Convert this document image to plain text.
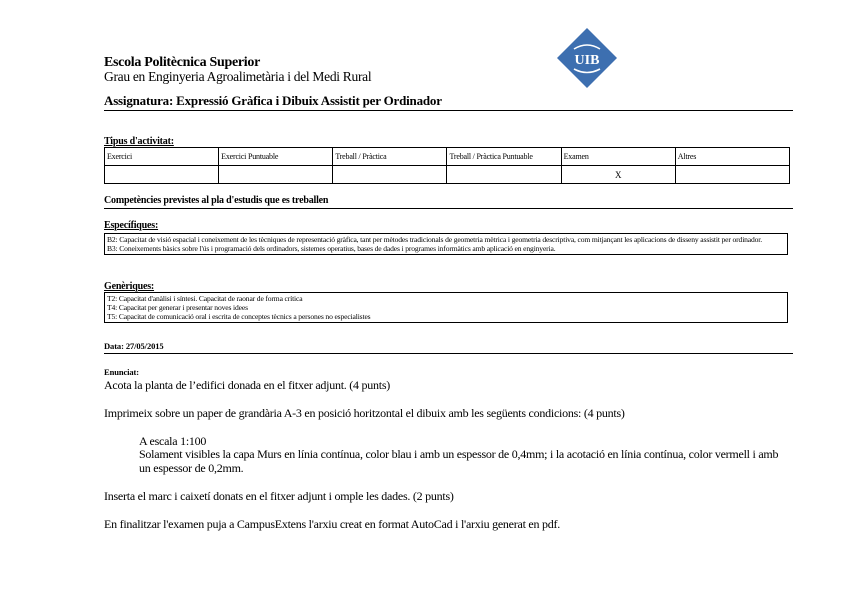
Escola Politècnica Superior
Grau en Enginyeria Agroalimetària i del Medi Rural
UIB
Assignatura: Expressió Gràfica i Dibuix Assistit per Ordinador
Tipus d'activitat:
Exercici	Exercici Puntuable	Treball / Pràctica	Treball / Pràctica Puntuable	Examen	Altres
				X	
Competències previstes al pla d'estudis que es treballen
Específiques:
B2: Capacitat de visió espacial i coneixement de les tècniques de representació gràfica, tant per mètodes tradicionals de geometria mètrica i geometria descriptiva, com mitjançant les aplicacions de disseny assistit per ordinador.
B3: Coneixements bàsics sobre l'ús i programació dels ordinadors, sistemes operatius, bases de dades i programes informàtics amb aplicació en enginyeria.
Genèriques:
T2: Capacitat d'anàlisi i síntesi. Capacitat de raonar de forma crítica
T4: Capacitat per generar i presentar noves idees
T5: Capacitat de comunicació oral i escrita de conceptes tècnics a persones no especialistes
Data: 27/05/2015
Enunciat:
Acota la planta de l’edifici donada en el fitxer adjunt. (4 punts)
Imprimeix sobre un paper de grandària A-3 en posició horitzontal el dibuix amb les següents condicions: (4 punts)
A escala 1:100
Solament visibles la capa Murs en línia contínua, color blau i amb un espessor de 0,4mm; i la acotació en línia contínua, color vermell i amb un espessor de 0,2mm.
Inserta el marc i caixetí donats en el fitxer adjunt i omple les dades. (2 punts)
En finalitzar l'examen puja a CampusExtens l'arxiu creat en format AutoCad i l'arxiu generat en pdf.
